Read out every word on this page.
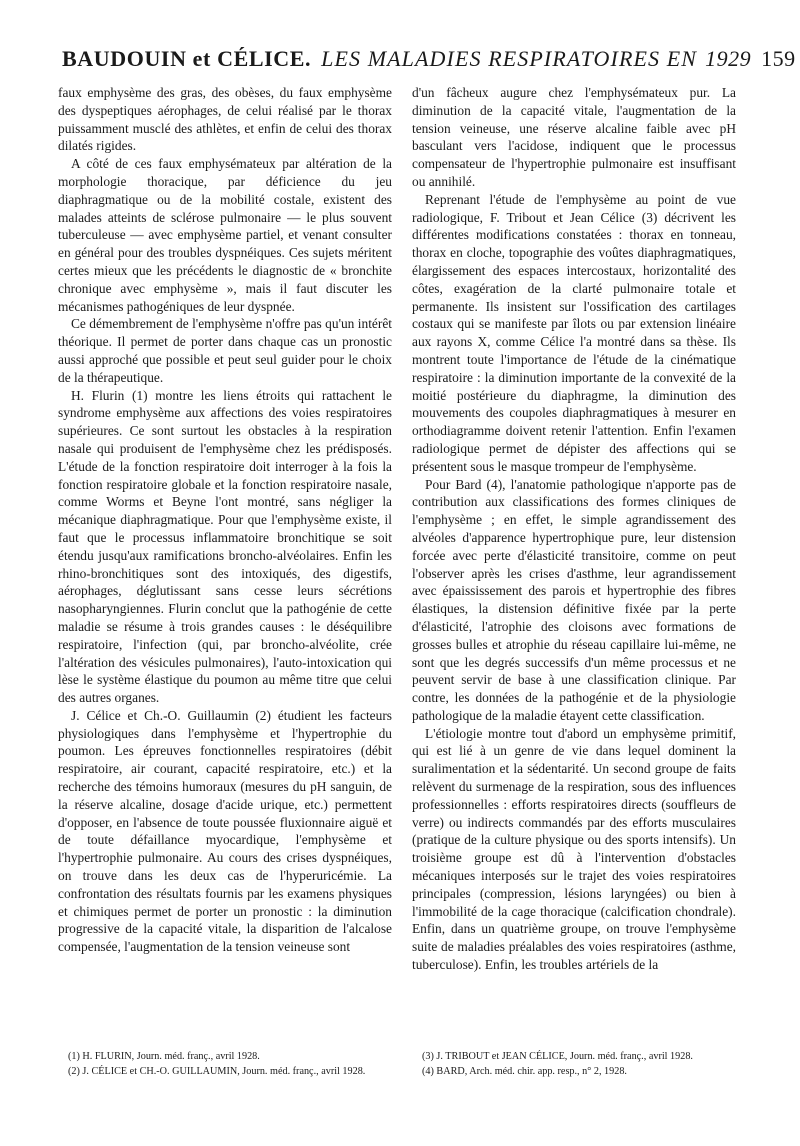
BAUDOUIN et CÉLICE. LES MALADIES RESPIRATOIRES EN 1929 159

faux emphysème des gras, des obèses, du faux emphysème des dyspeptiques aérophages, de celui réalisé par le thorax puissamment musclé des athlètes, et enfin de celui des thorax dilatés rigides.

A côté de ces faux emphysémateux par altération de la morphologie thoracique, par déficience du jeu diaphragmatique ou de la mobilité costale, existent des malades atteints de sclérose pulmonaire — le plus souvent tuberculeuse — avec emphysème partiel, et venant consulter en général pour des troubles dyspnéiques. Ces sujets méritent certes mieux que les précédents le diagnostic de « bronchite chronique avec emphysème », mais il faut discuter les mécanismes pathogéniques de leur dyspnée.

Ce démembrement de l'emphysème n'offre pas qu'un intérêt théorique. Il permet de porter dans chaque cas un pronostic aussi approché que possible et peut seul guider pour le choix de la thérapeutique.

H. Flurin (1) montre les liens étroits qui rattachent le syndrome emphysème aux affections des voies respiratoires supérieures. Ce sont surtout les obstacles à la respiration nasale qui produisent de l'emphysème chez les prédisposés. L'étude de la fonction respiratoire doit interroger à la fois la fonction respiratoire globale et la fonction respiratoire nasale, comme Worms et Beyne l'ont montré, sans négliger la mécanique diaphragmatique. Pour que l'emphysème existe, il faut que le processus inflammatoire bronchitique se soit étendu jusqu'aux ramifications broncho-alvéolaires. Enfin les rhino-bronchitiques sont des intoxiqués, des digestifs, aérophages, déglutissant sans cesse leurs sécrétions nasopharyngiennes. Flurin conclut que la pathogénie de cette maladie se résume à trois grandes causes : le déséquilibre respiratoire, l'infection (qui, par broncho-alvéolite, crée l'altération des vésicules pulmonaires), l'auto-intoxication qui lèse le système élastique du poumon au même titre que celui des autres organes.

J. Célice et Ch.-O. Guillaumin (2) étudient les facteurs physiologiques dans l'emphysème et l'hypertrophie du poumon. Les épreuves fonctionnelles respiratoires (débit respiratoire, air courant, capacité respiratoire, etc.) et la recherche des témoins humoraux (mesures du pH sanguin, de la réserve alcaline, dosage d'acide urique, etc.) permettent d'opposer, en l'absence de toute poussée fluxionnaire aiguë et de toute défaillance myocardique, l'emphysème et l'hypertrophie pulmonaire. Au cours des crises dyspnéiques, on trouve dans les deux cas de l'hyperuricémie. La confrontation des résultats fournis par les examens physiques et chimiques permet de porter un pronostic : la diminution progressive de la capacité vitale, la disparition de l'alcalose compensée, l'augmentation de la tension veineuse sont

d'un fâcheux augure chez l'emphysémateux pur. La diminution de la capacité vitale, l'augmentation de la tension veineuse, une réserve alcaline faible avec pH basculant vers l'acidose, indiquent que le processus compensateur de l'hypertrophie pulmonaire est insuffisant ou annihilé.

Reprenant l'étude de l'emphysème au point de vue radiologique, F. Tribout et Jean Célice (3) décrivent les différentes modifications constatées : thorax en tonneau, thorax en cloche, topographie des voûtes diaphragmatiques, élargissement des espaces intercostaux, horizontalité des côtes, exagération de la clarté pulmonaire totale et permanente. Ils insistent sur l'ossification des cartilages costaux qui se manifeste par îlots ou par extension linéaire aux rayons X, comme Célice l'a montré dans sa thèse. Ils montrent toute l'importance de l'étude de la cinématique respiratoire : la diminution importante de la convexité de la moitié postérieure du diaphragme, la diminution des mouvements des coupoles diaphragmatiques à mesurer en orthodiagramme doivent retenir l'attention. Enfin l'examen radiologique permet de dépister des affections qui se présentent sous le masque trompeur de l'emphysème.

Pour Bard (4), l'anatomie pathologique n'apporte pas de contribution aux classifications des formes cliniques de l'emphysème ; en effet, le simple agrandissement des alvéoles d'apparence hypertrophique pure, leur distension forcée avec perte d'élasticité transitoire, comme on peut l'observer après les crises d'asthme, leur agrandissement avec épaississement des parois et hypertrophie des fibres élastiques, la distension définitive fixée par la perte d'élasticité, l'atrophie des cloisons avec formations de grosses bulles et atrophie du réseau capillaire lui-même, ne sont que les degrés successifs d'un même processus et ne peuvent servir de base à une classification clinique. Par contre, les données de la pathogénie et de la physiologie pathologique de la maladie étayent cette classification.

L'étiologie montre tout d'abord un emphysème primitif, qui est lié à un genre de vie dans lequel dominent la suralimentation et la sédentarité. Un second groupe de faits relèvent du surmenage de la respiration, sous des influences professionnelles : efforts respiratoires directs (souffleurs de verre) ou indirects commandés par des efforts musculaires (pratique de la culture physique ou des sports intensifs). Un troisième groupe est dû à l'intervention d'obstacles mécaniques interposés sur le trajet des voies respiratoires principales (compression, lésions laryngées) ou bien à l'immobilité de la cage thoracique (calcification chondrale). Enfin, dans un quatrième groupe, on trouve l'emphysème suite de maladies préalables des voies respiratoires (asthme, tuberculose). Enfin, les troubles artériels de la

(1) H. FLURIN, Journ. méd. franç., avril 1928.

(2) J. CÉLICE et CH.-O. GUILLAUMIN, Journ. méd. franç., avril 1928.

(3) J. TRIBOUT et JEAN CÉLICE, Journ. méd. franç., avril 1928.

(4) BARD, Arch. méd. chir. app. resp., n° 2, 1928.
